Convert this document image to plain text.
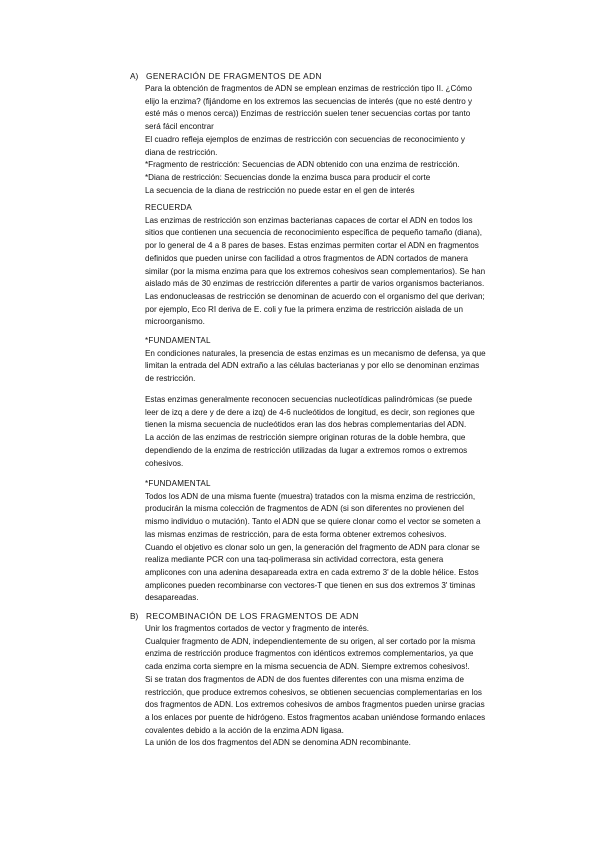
A) GENERACIÓN DE FRAGMENTOS DE ADN

Para la obtención de fragmentos de ADN se emplean enzimas de restricción tipo II. ¿Cómo

elijo la enzima? (fijándome en los extremos las secuencias de interés (que no esté dentro y

esté más o menos cerca)) Enzimas de restricción suelen tener secuencias cortas por tanto

será fácil encontrar

El cuadro refleja ejemplos de enzimas de restricción con secuencias de reconocimiento y

diana de restricción.

*Fragmento de restricción: Secuencias de ADN obtenido con una enzima de restricción.

*Diana de restricción: Secuencias donde la enzima busca para producir el corte

La secuencia de la diana de restricción no puede estar en el gen de interés

RECUERDA

Las enzimas de restricción son enzimas bacterianas capaces de cortar el ADN en todos los

sitios que contienen una secuencia de reconocimiento específica de pequeño tamaño (diana),

por lo general de 4 a 8 pares de bases. Estas enzimas permiten cortar el ADN en fragmentos

definidos que pueden unirse con facilidad a otros fragmentos de ADN cortados de manera

similar (por la misma enzima para que los extremos cohesivos sean complementarios). Se han

aislado más de 30 enzimas de restricción diferentes a partir de varios organismos bacterianos.

Las endonucleasas de restricción se denominan de acuerdo con el organismo del que derivan;

por ejemplo, Eco RI deriva de E. coli y fue la primera enzima de restricción aislada de un

microorganismo.

*FUNDAMENTAL

En condiciones naturales, la presencia de estas enzimas es un mecanismo de defensa, ya que

limitan la entrada del ADN extraño a las células bacterianas y por ello se denominan enzimas

de restricción.

Estas enzimas generalmente reconocen secuencias nucleotídicas palindrómicas (se puede

leer de izq a dere y de dere a izq) de 4-6 nucleótidos de longitud, es decir, son regiones que

tienen la misma secuencia de nucleótidos eran las dos hebras complementarias del ADN.

La acción de las enzimas de restricción siempre originan roturas de la doble hembra, que

dependiendo de la enzima de restricción utilizadas da lugar a extremos romos o extremos

cohesivos.

*FUNDAMENTAL

Todos los ADN de una misma fuente (muestra) tratados con la misma enzima de restricción,

producirán la misma colección de fragmentos de ADN (si son diferentes no provienen del

mismo individuo o mutación). Tanto el ADN que se quiere clonar como el vector se someten a

las mismas enzimas de restricción, para de esta forma obtener extremos cohesivos.

Cuando el objetivo es clonar solo un gen, la generación del fragmento de ADN para clonar se

realiza mediante PCR con una taq-polimerasa sin actividad correctora, esta genera

amplicones con una adenina desapareada extra en cada extremo 3' de la doble hélice. Estos

amplicones pueden recombinarse con vectores-T que tienen en sus dos extremos 3' timinas

desapareadas.

B) RECOMBINACIÓN DE LOS FRAGMENTOS DE ADN

Unir los fragmentos cortados de vector y fragmento de interés.

Cualquier fragmento de ADN, independientemente de su origen, al ser cortado por la misma

enzima de restricción produce fragmentos con idénticos extremos complementarios, ya que

cada enzima corta siempre en la misma secuencia de ADN. Siempre extremos cohesivos!.

Si se tratan dos fragmentos de ADN de dos fuentes diferentes con una misma enzima de

restricción, que produce extremos cohesivos, se obtienen secuencias complementarias en los

dos fragmentos de ADN. Los extremos cohesivos de ambos fragmentos pueden unirse gracias

a los enlaces por puente de hidrógeno. Estos fragmentos acaban uniéndose formando enlaces

covalentes debido a la acción de la enzima ADN ligasa.

La unión de los dos fragmentos del ADN se denomina ADN recombinante.
